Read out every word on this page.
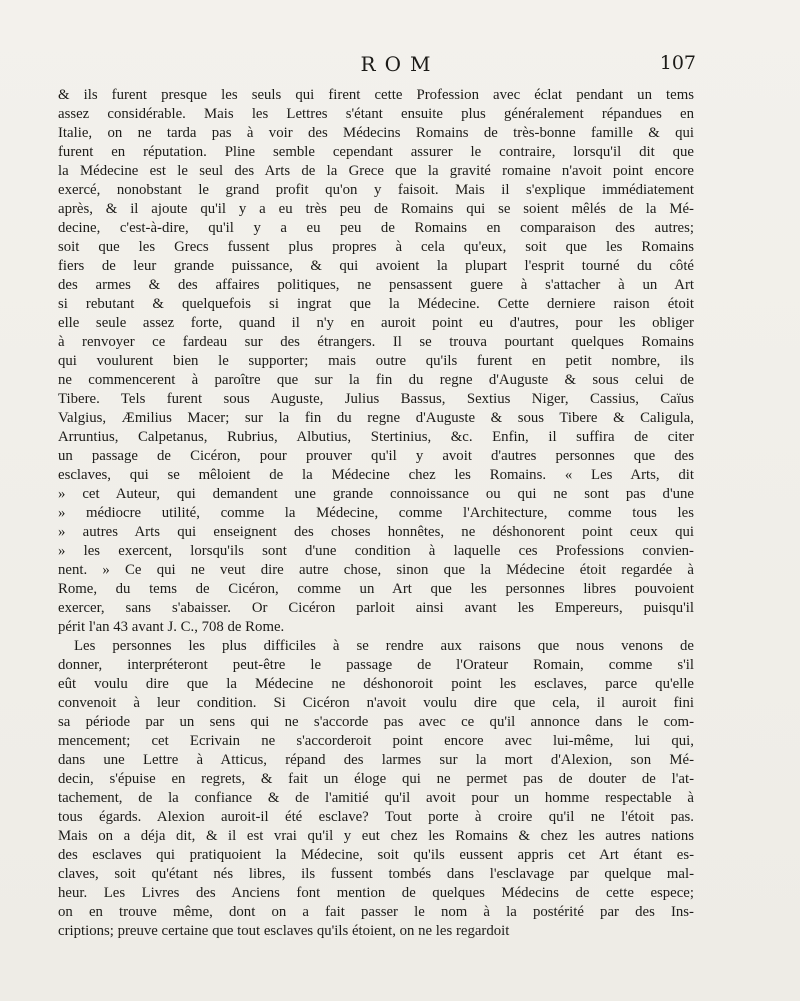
ROM	107
& ils furent presque les seuls qui firent cette Profession avec éclat pendant un tems
assez considérable. Mais les Lettres s'étant ensuite plus généralement répandues en
Italie, on ne tarda pas à voir des Médecins Romains de très-bonne famille & qui
furent en réputation. Pline semble cependant assurer le contraire, lorsqu'il dit que
la Médecine est le seul des Arts de la Grece que la gravité romaine n'avoit point encore
exercé, nonobstant le grand profit qu'on y faisoit. Mais il s'explique immédiatement
après, & il ajoute qu'il y a eu très peu de Romains qui se soient mêlés de la Mé-
decine, c'est-à-dire, qu'il y a eu peu de Romains en comparaison des autres;
soit que les Grecs fussent plus propres à cela qu'eux, soit que les Romains
fiers de leur grande puissance, & qui avoient la plupart l'esprit tourné du côté
des armes & des affaires politiques, ne pensassent guere à s'attacher à un Art
si rebutant & quelquefois si ingrat que la Médecine. Cette derniere raison étoit
elle seule assez forte, quand il n'y en auroit point eu d'autres, pour les obliger
à renvoyer ce fardeau sur des étrangers. Il se trouva pourtant quelques Romains
qui voulurent bien le supporter; mais outre qu'ils furent en petit nombre, ils
ne commencerent à paroître que sur la fin du regne d'Auguste & sous celui de
Tibere. Tels furent sous Auguste, Julius Bassus, Sextius Niger, Cassius, Caïus
Valgius, Æmilius Macer; sur la fin du regne d'Auguste & sous Tibere & Caligula,
Arruntius, Calpetanus, Rubrius, Albutius, Stertinius, &c. Enfin, il suffira de citer
un passage de Cicéron, pour prouver qu'il y avoit d'autres personnes que des
esclaves, qui se mêloient de la Médecine chez les Romains. « Les Arts, dit
» cet Auteur, qui demandent une grande connoissance ou qui ne sont pas d'une
» médiocre utilité, comme la Médecine, comme l'Architecture, comme tous les
» autres Arts qui enseignent des choses honnêtes, ne déshonorent point ceux qui
» les exercent, lorsqu'ils sont d'une condition à laquelle ces Professions convien-
nent. » Ce qui ne veut dire autre chose, sinon que la Médecine étoit regardée à
Rome, du tems de Cicéron, comme un Art que les personnes libres pouvoient
exercer, sans s'abaisser. Or Cicéron parloit ainsi avant les Empereurs, puisqu'il
périt l'an 43 avant J. C., 708 de Rome.
Les personnes les plus difficiles à se rendre aux raisons que nous venons de
donner, interpréteront peut-être le passage de l'Orateur Romain, comme s'il
eût voulu dire que la Médecine ne déshonoroit point les esclaves, parce qu'elle
convenoit à leur condition. Si Cicéron n'avoit voulu dire que cela, il auroit fini
sa période par un sens qui ne s'accorde pas avec ce qu'il annonce dans le com-
mencement; cet Ecrivain ne s'accorderoit point encore avec lui-même, lui qui,
dans une Lettre à Atticus, répand des larmes sur la mort d'Alexion, son Mé-
decin, s'épuise en regrets, & fait un éloge qui ne permet pas de douter de l'at-
tachement, de la confiance & de l'amitié qu'il avoit pour un homme respectable à
tous égards. Alexion auroit-il été esclave? Tout porte à croire qu'il ne l'étoit pas.
Mais on a déja dit, & il est vrai qu'il y eut chez les Romains & chez les autres nations
des esclaves qui pratiquoient la Médecine, soit qu'ils eussent appris cet Art étant es-
claves, soit qu'étant nés libres, ils fussent tombés dans l'esclavage par quelque mal-
heur. Les Livres des Anciens font mention de quelques Médecins de cette espece;
on en trouve même, dont on a fait passer le nom à la postérité par des Ins-
criptions; preuve certaine que tout esclaves qu'ils étoient, on ne les regardoit
